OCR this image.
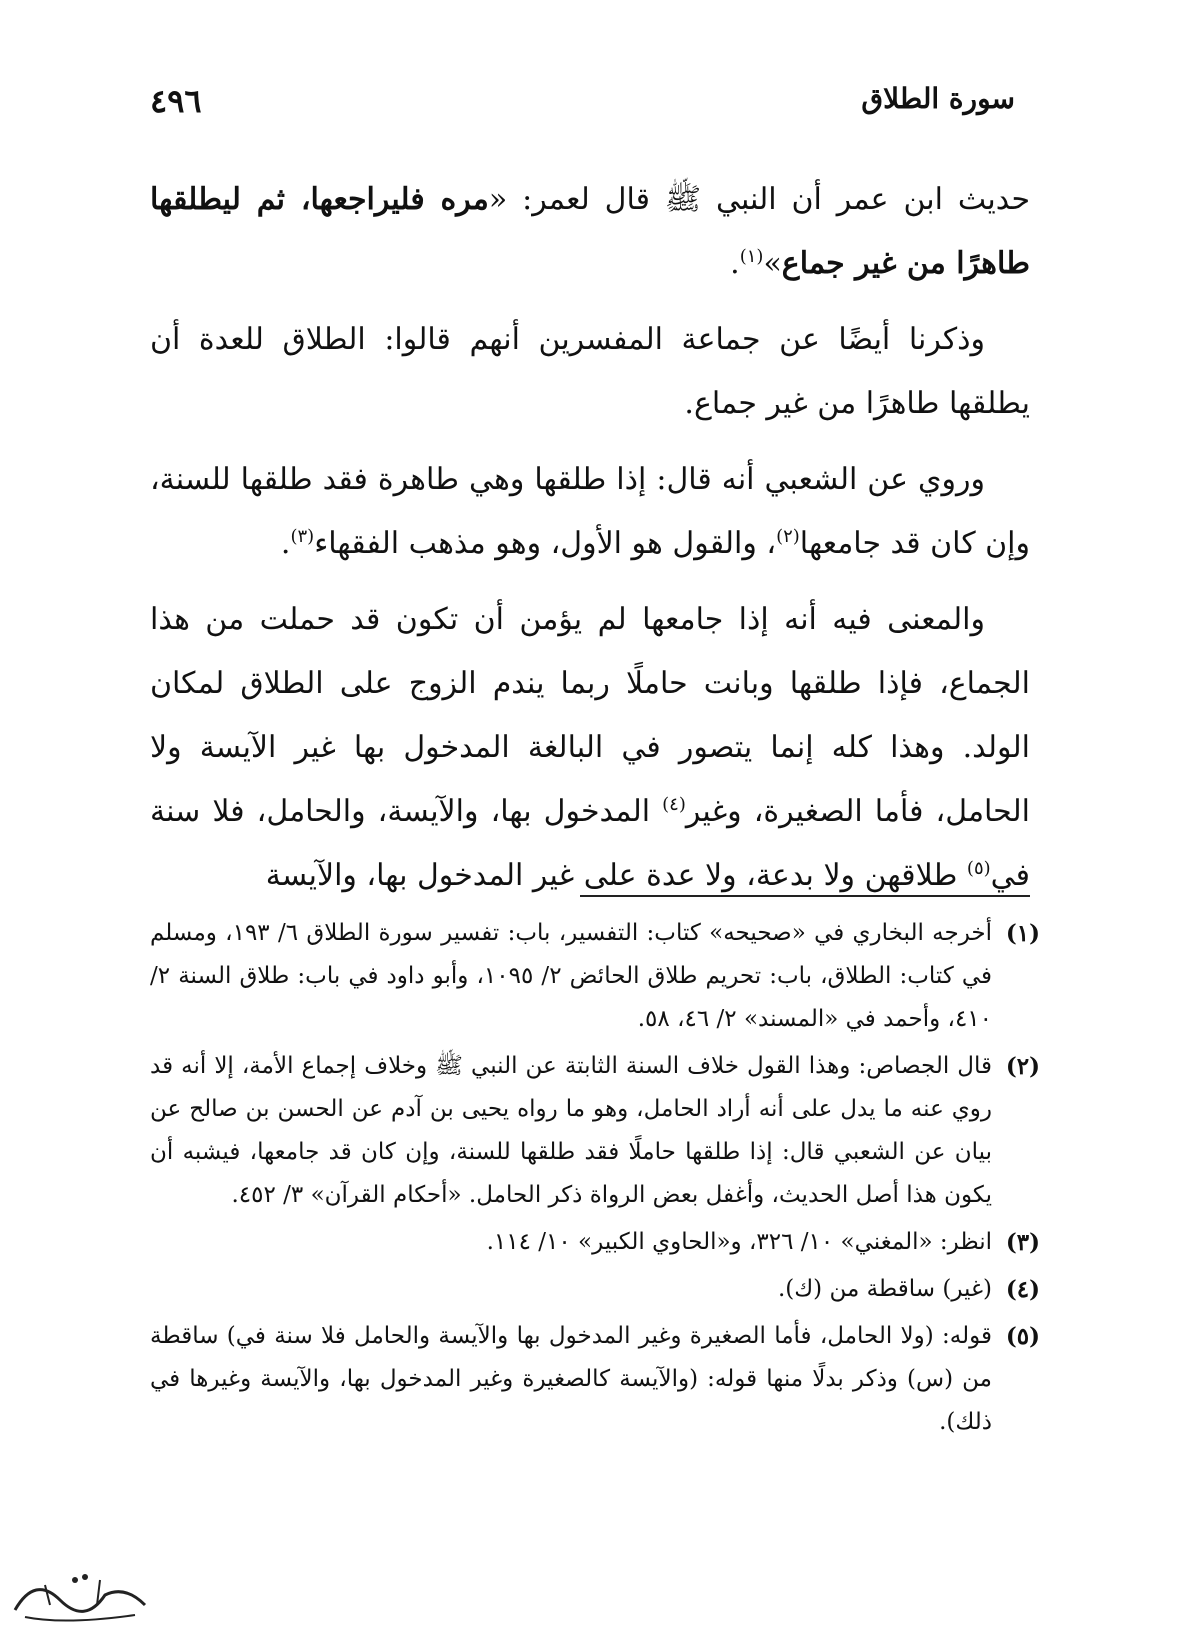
سورة الطلاق
٤٩٦

حديث ابن عمر أن النبي ﷺ قال لعمر: «مره فليراجعها، ثم ليطلقها طاهرًا من غير جماع»$^{(١)}$.

وذكرنا أيضًا عن جماعة المفسرين أنهم قالوا: الطلاق للعدة أن يطلقها طاهرًا من غير جماع.

وروي عن الشعبي أنه قال: إذا طلقها وهي طاهرة فقد طلقها للسنة، وإن كان قد جامعها$^{(٢)}$، والقول هو الأول، وهو مذهب الفقهاء$^{(٣)}$.

والمعنى فيه أنه إذا جامعها لم يؤمن أن تكون قد حملت من هذا الجماع، فإذا طلقها وبانت حاملًا ربما يندم الزوج على الطلاق لمكان الولد. وهذا كله إنما يتصور في البالغة المدخول بها غير الآيسة ولا الحامل، فأما الصغيرة، وغير$^{(٤)}$ المدخول بها، والآيسة، والحامل، فلا سنة في$^{(٥)}$ طلاقهن ولا بدعة، ولا عدة على غير المدخول بها، والآيسة

(١)
أخرجه البخاري في «صحيحه» كتاب: التفسير، باب: تفسير سورة الطلاق ٦/ ١٩٣، ومسلم في كتاب: الطلاق، باب: تحريم طلاق الحائض ٢/ ١٠٩٥، وأبو داود في باب: طلاق السنة ٢/ ٤١٠، وأحمد في «المسند» ٢/ ٤٦، ٥٨.
(٢)
قال الجصاص: وهذا القول خلاف السنة الثابتة عن النبي ﷺ وخلاف إجماع الأمة، إلا أنه قد روي عنه ما يدل على أنه أراد الحامل، وهو ما رواه يحيى بن آدم عن الحسن بن صالح عن بيان عن الشعبي قال: إذا طلقها حاملًا فقد طلقها للسنة، وإن كان قد جامعها، فيشبه أن يكون هذا أصل الحديث، وأغفل بعض الرواة ذكر الحامل. «أحكام القرآن» ٣/ ٤٥٢.
(٣)
انظر: «المغني» ١٠/ ٣٢٦، و«الحاوي الكبير» ١٠/ ١١٤.
(٤)
(غير) ساقطة من (ك).
(٥)
قوله: (ولا الحامل، فأما الصغيرة وغير المدخول بها والآيسة والحامل فلا سنة في) ساقطة من (س) وذكر بدلًا منها قوله: (والآيسة كالصغيرة وغير المدخول بها، والآيسة وغيرها في ذلك).
